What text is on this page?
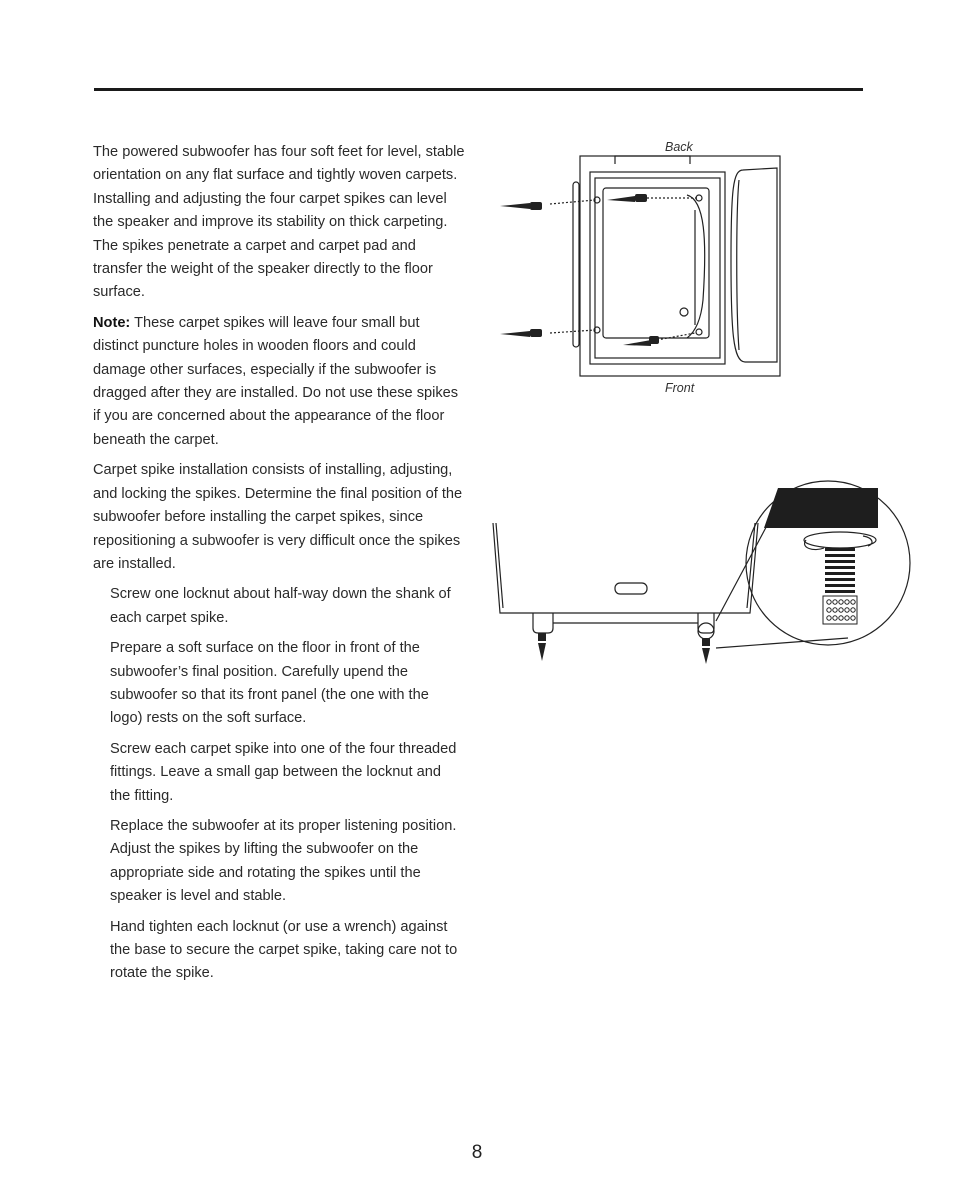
The powered subwoofer has four soft feet for level, stable orientation on any flat surface and tightly woven carpets. Installing and adjusting the four carpet spikes can level the speaker and improve its stability on thick carpeting. The spikes penetrate a carpet and carpet pad and transfer the weight of the speaker directly to the floor surface.

Note: These carpet spikes will leave four small but distinct puncture holes in wooden floors and could damage other surfaces, especially if the subwoofer is dragged after they are installed. Do not use these spikes if you are concerned about the appearance of the floor beneath the carpet.

Carpet spike installation consists of installing, adjusting, and locking the spikes. Determine the final position of the subwoofer before installing the carpet spikes, since repositioning a subwoofer is very difficult once the spikes are installed.

Screw one locknut about half-way down the shank of each carpet spike.

Prepare a soft surface on the floor in front of the subwoofer’s final position. Carefully upend the subwoofer so that its front panel (the one with the logo) rests on the soft surface.

Screw each carpet spike into one of the four threaded fittings. Leave a small gap between the locknut and the fitting.

Replace the subwoofer at its proper listening position. Adjust the spikes by lifting the subwoofer on the appropriate side and rotating the spikes until the speaker is level and stable.

Hand tighten each locknut (or use a wrench) against the base to secure the carpet spike, taking care not to rotate the spike.

Back
Front
8
